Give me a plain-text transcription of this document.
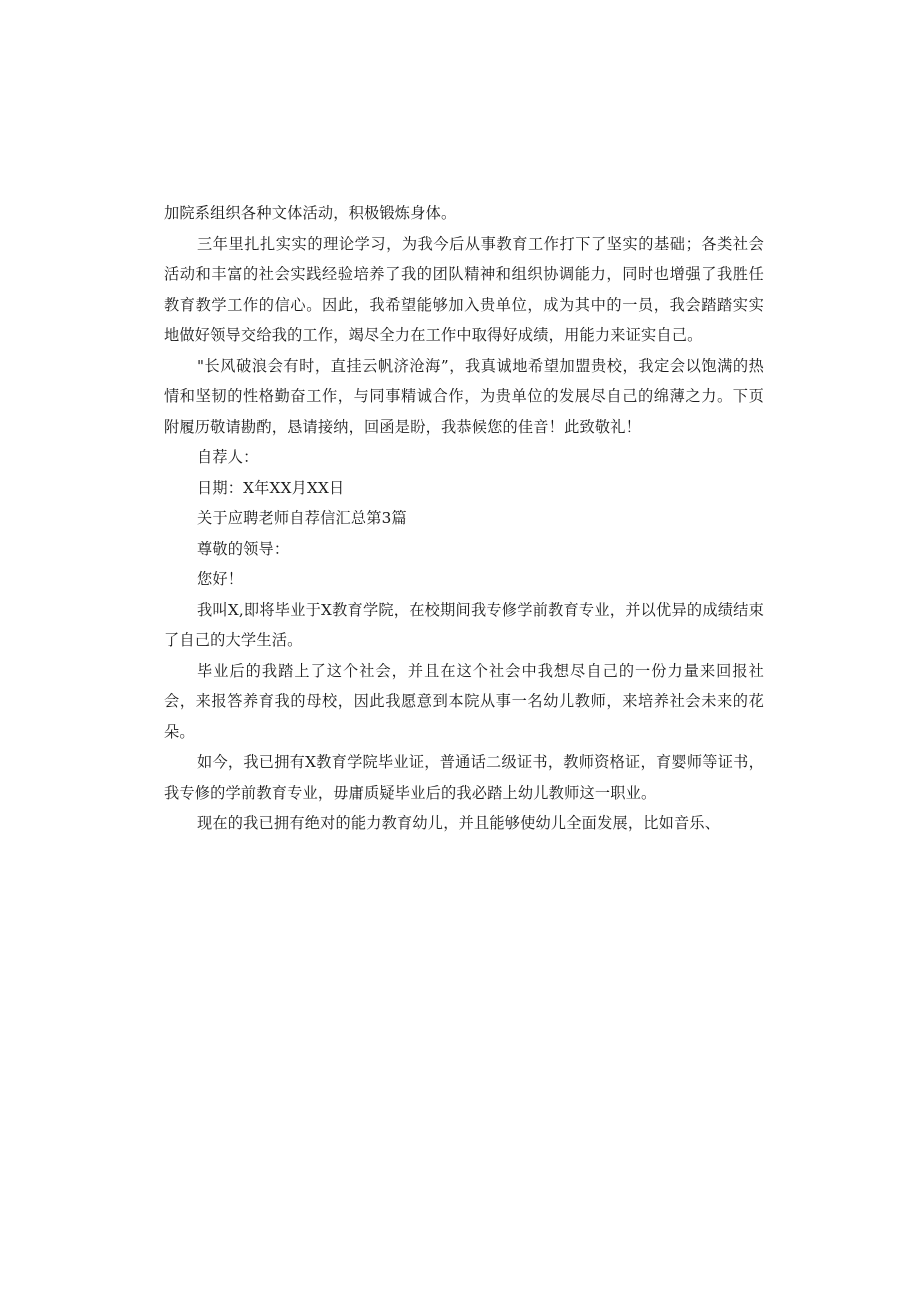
加院系组织各种文体活动，积极锻炼身体。

三年里扎扎实实的理论学习，为我今后从事教育工作打下了坚实的基础；各类社会活动和丰富的社会实践经验培养了我的团队精神和组织协调能力，同时也增强了我胜任教育教学工作的信心。因此，我希望能够加入贵单位，成为其中的一员，我会踏踏实实地做好领导交给我的工作，竭尽全力在工作中取得好成绩，用能力来证实自己。

"长风破浪会有时，直挂云帆济沧海”，我真诚地希望加盟贵校，我定会以饱满的热情和坚韧的性格勤奋工作，与同事精诚合作，为贵单位的发展尽自己的绵薄之力。下页附履历敬请勘酌，恳请接纳，回函是盼，我恭候您的佳音！此致敬礼！

自荐人：

日期：X年XX月XX日

关于应聘老师自荐信汇总第3篇

尊敬的领导：

您好！

我叫X,即将毕业于X教育学院，在校期间我专修学前教育专业，并以优异的成绩结束了自己的大学生活。

毕业后的我踏上了这个社会，并且在这个社会中我想尽自己的一份力量来回报社会，来报答养育我的母校，因此我愿意到本院从事一名幼儿教师，来培养社会未来的花朵。

如今，我已拥有X教育学院毕业证，普通话二级证书，教师资格证，育婴师等证书，我专修的学前教育专业，毋庸质疑毕业后的我必踏上幼儿教师这一职业。

现在的我已拥有绝对的能力教育幼儿，并且能够使幼儿全面发展，比如音乐、
